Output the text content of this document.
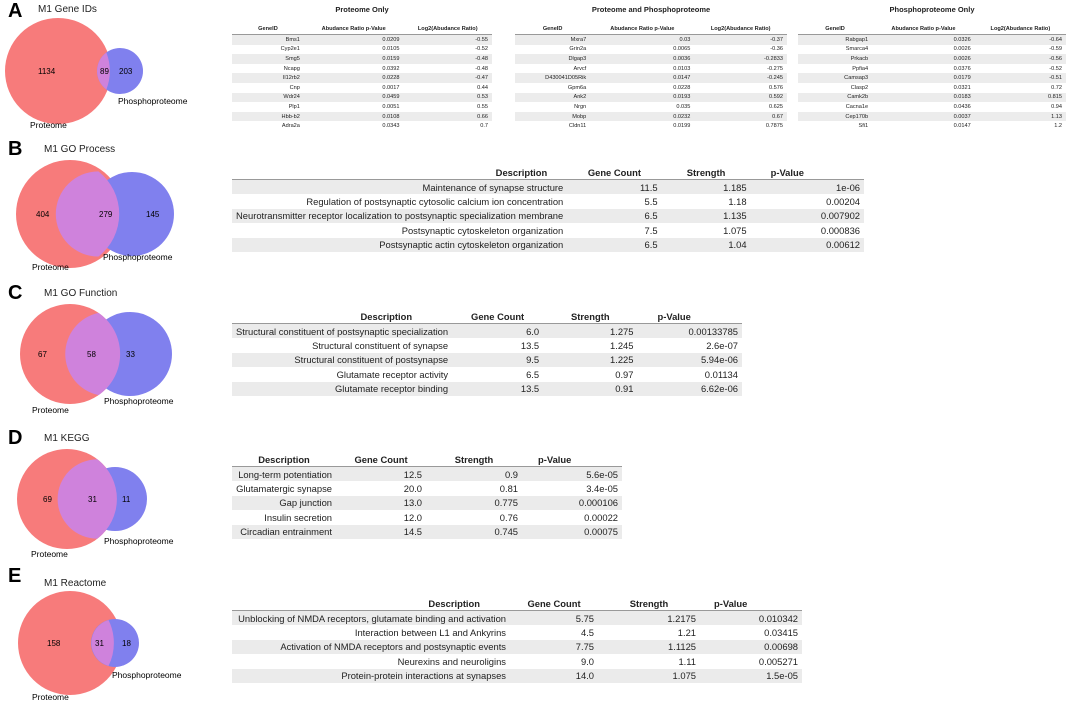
A M1 Gene IDs
1134	89 203
Proteome
Phosphoproteome
Proteome Only
GeneID	Abudance Ratio p-Value	Log2(Abudance Ratio)
Bms1	0.0209	-0.55
Cyp2e1	0.0105	-0.52
Smg5	0.0159	-0.48
Ncapg	0.0392	-0.48
Il12rb2	0.0228	-0.47
Cnp	0.0017	0.44
Wdr24	0.0459	0.53
Plp1	0.0051	0.55
Hbb-b2	0.0108	0.66
Adra2a	0.0343	0.7
Proteome and Phosphoproteome
GeneID	Abudance Ratio p-Value	Log2(Abudance Ratio)
Mxra7	0.03	-0.37
Grin2a	0.0065	-0.36
Dlgap3	0.0036	-0.2833
Arvcf	0.0103	-0.275
D430041D05Rik	0.0147	-0.245
Gpm6a	0.0228	0.576
Ank2	0.0193	0.592
Nrgn	0.035	0.625
Mobp	0.0232	0.67
Cldn11	0.0199	0.7875
Phosphoproteome Only
GeneID	Abudance Ratio p-Value	Log2(Abudance Ratio)
Rabgap1	0.0326	-0.64
Smarca4	0.0026	-0.59
Prkacb	0.0026	-0.56
Ppfia4	0.0376	-0.52
Camsap3	0.0179	-0.51
Clasp2	0.0321	0.72
Camk2b	0.0183	0.815
Cacna1e	0.0436	0.94
Cep170b	0.0037	1.13
Sfi1	0.0147	1.2
B M1 GO Process
404	279	145
Proteome
Phosphoproteome
Description	Gene Count	Strength	p-Value
Maintenance of synapse structure	11.5	1.185	1e-06
Regulation of postsynaptic cytosolic calcium ion concentration	5.5	1.18	0.00204
Neurotransmitter receptor localization to postsynaptic specialization membrane	6.5	1.135	0.007902
Postsynaptic cytoskeleton organization	7.5	1.075	0.000836
Postsynaptic actin cytoskeleton organization	6.5	1.04	0.00612
C M1 GO Function
67	58	33
Proteome
Phosphoproteome
Description	Gene Count	Strength	p-Value
Structural constituent of postsynaptic specialization	6.0	1.275	0.00133785
Structural constituent of synapse	13.5	1.245	2.6e-07
Structural constituent of postsynapse	9.5	1.225	5.94e-06
Glutamate receptor activity	6.5	0.97	0.01134
Glutamate receptor binding	13.5	0.91	6.62e-06
D M1 KEGG
69	31	11
Proteome
Phosphoproteome
Description	Gene Count	Strength	p-Value
Long-term potentiation	12.5	0.9	5.6e-05
Glutamatergic synapse	20.0	0.81	3.4e-05
Gap junction	13.0	0.775	0.000106
Insulin secretion	12.0	0.76	0.00022
Circadian entrainment	14.5	0.745	0.00075
E M1 Reactome
158	31 18
Proteome
Phosphoproteome
Description	Gene Count	Strength	p-Value
Unblocking of NMDA receptors, glutamate binding and activation	5.75	1.2175	0.010342
Interaction between L1 and Ankyrins	4.5	1.21	0.03415
Activation of NMDA receptors and postsynaptic events	7.75	1.1125	0.00698
Neurexins and neuroligins	9.0	1.11	0.005271
Protein-protein interactions at synapses	14.0	1.075	1.5e-05
